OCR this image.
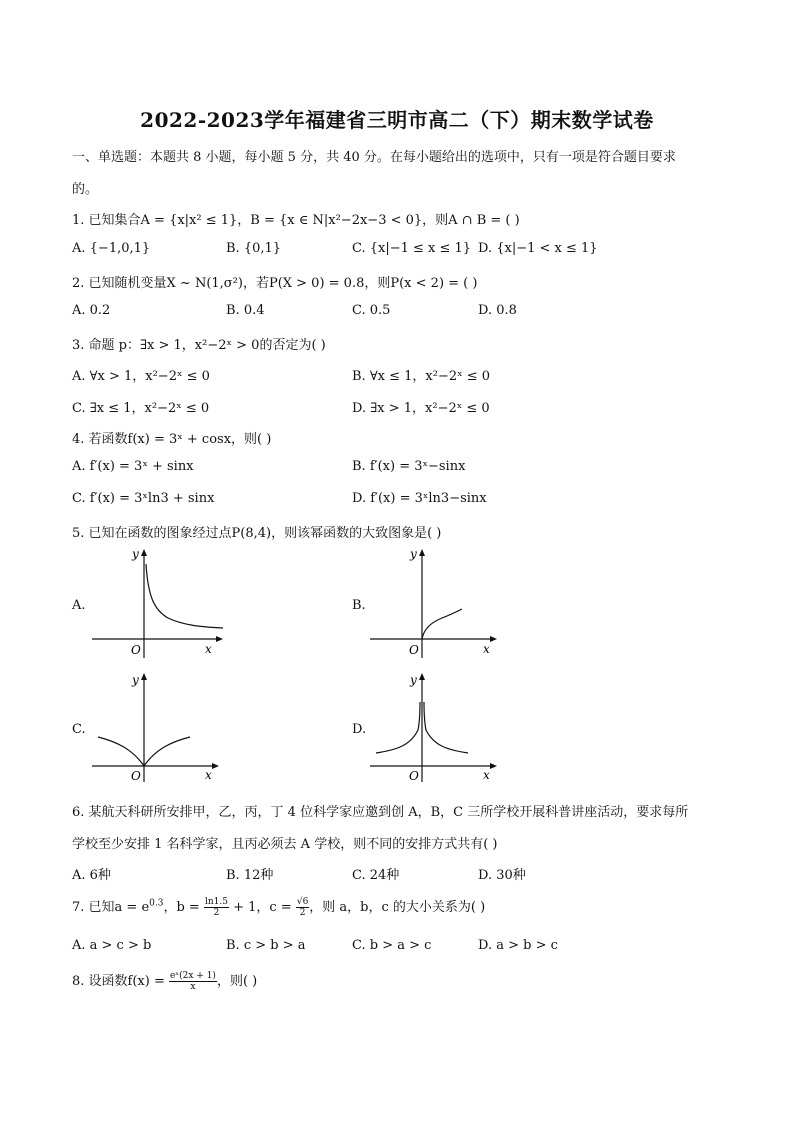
2022-2023学年福建省三明市高二（下）期末数学试卷
一、单选题：本题共 8 小题，每小题 5 分，共 40 分。在每小题给出的选项中，只有一项是符合题目要求
的。
1. 已知集合A = {x|x² ≤ 1}，B = {x ∈ N|x²−2x−3 < 0}，则A ∩ B = ( )
A. {−1,0,1}	B. {0,1}	C. {x|−1 ≤ x ≤ 1} D. {x|−1 < x ≤ 1}
2. 已知随机变量X ~ N(1,σ²)，若P(X > 0) = 0.8，则P(x < 2) = ( )
A. 0.2	B. 0.4	C. 0.5	D. 0.8
3. 命题 p：∃x > 1，x²−2ˣ > 0的否定为( )
A. ∀x > 1，x²−2ˣ ≤ 0	B. ∀x ≤ 1，x²−2ˣ ≤ 0
C. ∃x ≤ 1，x²−2ˣ ≤ 0	D. ∃x > 1，x²−2ˣ ≤ 0
4. 若函数f(x) = 3ˣ + cosx，则( )
A. f′(x) = 3ˣ + sinx	B. f′(x) = 3ˣ−sinx
C. f′(x) = 3ˣln3 + sinx	D. f′(x) = 3ˣln3−sinx
5. 已知在函数的图象经过点P(8,4)，则该幂函数的大致图象是( )
A.
y
O	x
B.
y
O	x
C.
y
O	x
D.
y
O	x
6. 某航天科研所安排甲，乙，丙，丁 4 位科学家应邀到创 A，B，C 三所学校开展科普讲座活动，要求每所
学校至少安排 1 名科学家，且丙必须去 A 学校，则不同的安排方式共有( )
A. 6种	B. 12种	C. 24种	D. 30种
7. 已知$a = e^{0.3}$，$b = \frac{\ln 1.5}{2} + 1$，$c = \frac{√6}{2}$ ，则 a，b，c 的大小关系为( )
A. a > c > b	B. c > b > a	C. b > a > c	D. a > b > c
8. 设函数$f(x) = \frac{\text{eˣ(2x + 1)}}{x}$ ，则( )
